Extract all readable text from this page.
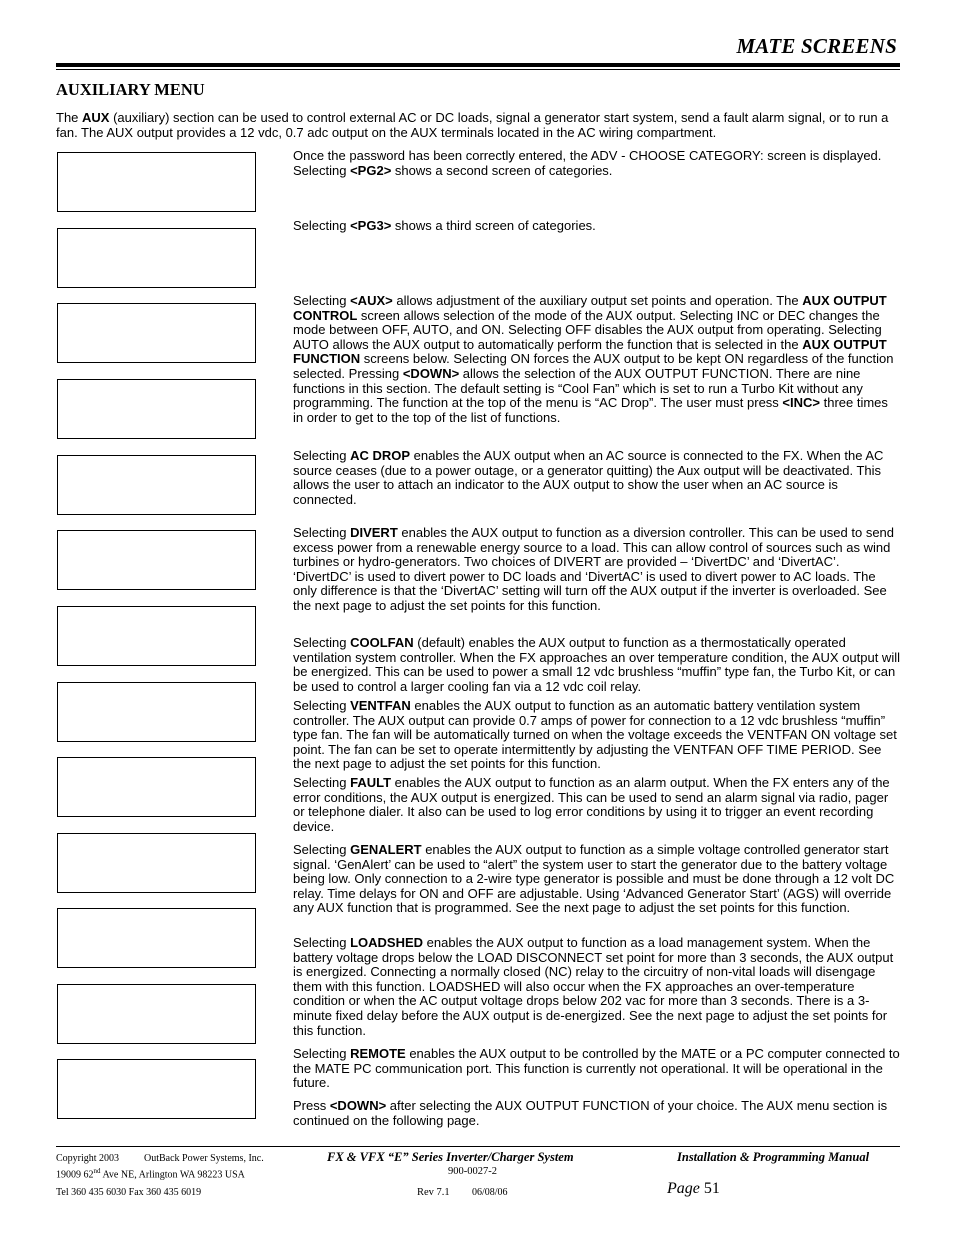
MATE SCREENS
AUXILIARY MENU
The AUX (auxiliary) section can be used to control external AC or DC loads, signal a generator start system, send a fault alarm signal, or to run a fan. The AUX output provides a 12 vdc, 0.7 adc output on the AUX terminals located in the AC wiring compartment.
Once the password has been correctly entered, the ADV - CHOOSE CATEGORY: screen is displayed. Selecting <PG2> shows a second screen of categories.
Selecting <PG3> shows a third screen of categories.
Selecting <AUX> allows adjustment of the auxiliary output set points and operation. The AUX OUTPUT CONTROL screen allows selection of the mode of the AUX output. Selecting INC or DEC changes the mode between OFF, AUTO, and ON. Selecting OFF disables the AUX output from operating. Selecting AUTO allows the AUX output to automatically perform the function that is selected in the AUX OUTPUT FUNCTION screens below. Selecting ON forces the AUX output to be kept ON regardless of the function selected. Pressing <DOWN> allows the selection of the AUX OUTPUT FUNCTION. There are nine functions in this section. The default setting is “Cool Fan” which is set to run a Turbo Kit without any programming. The function at the top of the menu is “AC Drop”. The user must press <INC> three times in order to get to the top of the list of functions.
Selecting AC DROP enables the AUX output when an AC source is connected to the FX. When the AC source ceases (due to a power outage, or a generator quitting) the Aux output will be deactivated. This allows the user to attach an indicator to the AUX output to show the user when an AC source is connected.
Selecting DIVERT enables the AUX output to function as a diversion controller. This can be used to send excess power from a renewable energy source to a load. This can allow control of sources such as wind turbines or hydro-generators. Two choices of DIVERT are provided – ‘DivertDC’ and ‘DivertAC’. ‘DivertDC’ is used to divert power to DC loads and ‘DivertAC’ is used to divert power to AC loads. The only difference is that the ‘DivertAC’ setting will turn off the AUX output if the inverter is overloaded. See the next page to adjust the set points for this function.
Selecting COOLFAN (default) enables the AUX output to function as a thermostatically operated ventilation system controller. When the FX approaches an over temperature condition, the AUX output will be energized. This can be used to power a small 12 vdc brushless “muffin” type fan, the Turbo Kit, or can be used to control a larger cooling fan via a 12 vdc coil relay.
Selecting VENTFAN enables the AUX output to function as an automatic battery ventilation system controller. The AUX output can provide 0.7 amps of power for connection to a 12 vdc brushless “muffin” type fan. The fan will be automatically turned on when the voltage exceeds the VENTFAN ON voltage set point. The fan can be set to operate intermittently by adjusting the VENTFAN OFF TIME PERIOD. See the next page to adjust the set points for this function.
Selecting FAULT enables the AUX output to function as an alarm output. When the FX enters any of the error conditions, the AUX output is energized. This can be used to send an alarm signal via radio, pager or telephone dialer. It also can be used to log error conditions by using it to trigger an event recording device.
Selecting GENALERT enables the AUX output to function as a simple voltage controlled generator start signal. ‘GenAlert’ can be used to “alert” the system user to start the generator due to the battery voltage being low. Only connection to a 2-wire type generator is possible and must be done through a 12 volt DC relay. Time delays for ON and OFF are adjustable. Using ‘Advanced Generator Start’ (AGS) will override any AUX function that is programmed. See the next page to adjust the set points for this function.
Selecting LOADSHED enables the AUX output to function as a load management system. When the battery voltage drops below the LOAD DISCONNECT set point for more than 3 seconds, the AUX output is energized. Connecting a normally closed (NC) relay to the circuitry of non-vital loads will disengage them with this function. LOADSHED will also occur when the FX approaches an over-temperature condition or when the AC output voltage drops below 202 vac for more than 3 seconds. There is a 3-minute fixed delay before the AUX output is de-energized. See the next page to adjust the set points for this function.
Selecting REMOTE enables the AUX output to be controlled by the MATE or a PC computer connected to the MATE PC communication port. This function is currently not operational. It will be operational in the future.
Press <DOWN> after selecting the AUX OUTPUT FUNCTION of your choice. The AUX menu section is continued on the following page.
Copyright 2003 OutBack Power Systems, Inc.
19009 62nd Ave NE, Arlington WA 98223 USA
Tel 360 435 6030 Fax 360 435 6019
FX & VFX “E” Series Inverter/Charger System
900-0027-2
Rev 7.1 06/08/06
Installation & Programming Manual
Page 51
